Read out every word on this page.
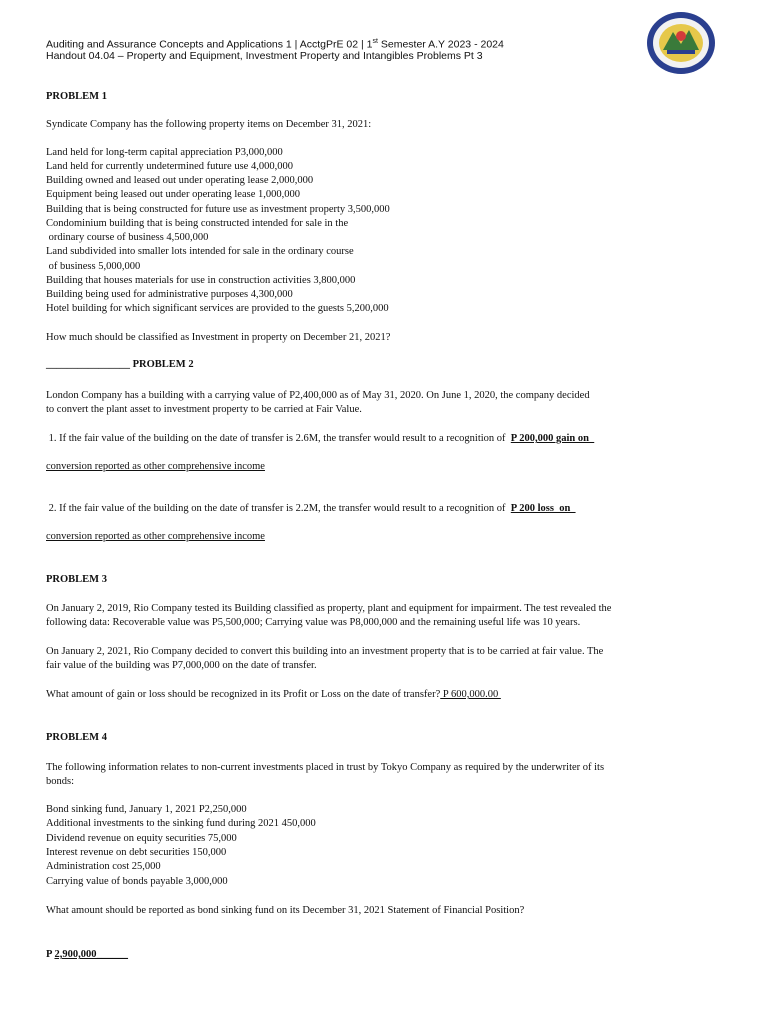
Auditing and Assurance Concepts and Applications 1 | AcctgPrE 02 | 1st Semester A.Y 2023 - 2024
Handout 04.04 – Property and Equipment, Investment Property and Intangibles Problems Pt 3
PROBLEM 1
Syndicate Company has the following property items on December 31, 2021:
Land held for long-term capital appreciation P3,000,000
Land held for currently undetermined future use 4,000,000
Building owned and leased out under operating lease 2,000,000
Equipment being leased out under operating lease 1,000,000
Building that is being constructed for future use as investment property 3,500,000
Condominium building that is being constructed intended for sale in the
ordinary course of business 4,500,000
Land subdivided into smaller lots intended for sale in the ordinary course
of business 5,000,000
Building that houses materials for use in construction activities 3,800,000
Building being used for administrative purposes 4,300,000
Hotel building for which significant services are provided to the guests 5,200,000
How much should be classified as Investment in property on December 21, 2021?
________________ PROBLEM 2
London Company has a building with a carrying value of P2,400,000 as of May 31, 2020. On June 1, 2020, the company decided
to convert the plant asset to investment property to be carried at Fair Value.
1. If the fair value of the building on the date of transfer is 2.6M, the transfer would result to a recognition of  P 200,000 gain on
conversion reported as other comprehensive income
2. If the fair value of the building on the date of transfer is 2.2M, the transfer would result to a recognition of  P 200 loss  on
conversion reported as other comprehensive income
PROBLEM 3
On January 2, 2019, Rio Company tested its Building classified as property, plant and equipment for impairment. The test revealed the
following data: Recoverable value was P5,500,000; Carrying value was P8,000,000 and the remaining useful life was 10 years.
On January 2, 2021, Rio Company decided to convert this building into an investment property that is to be carried at fair value. The
fair value of the building was P7,000,000 on the date of transfer.
What amount of gain or loss should be recognized in its Profit or Loss on the date of transfer? P 600,000.00
PROBLEM 4
The following information relates to non-current investments placed in trust by Tokyo Company as required by the underwriter of its
bonds:
Bond sinking fund, January 1, 2021 P2,250,000
Additional investments to the sinking fund during 2021 450,000
Dividend revenue on equity securities 75,000
Interest revenue on debt securities 150,000
Administration cost 25,000
Carrying value of bonds payable 3,000,000
What amount should be reported as bond sinking fund on its December 31, 2021 Statement of Financial Position?
P 2,900,000______
